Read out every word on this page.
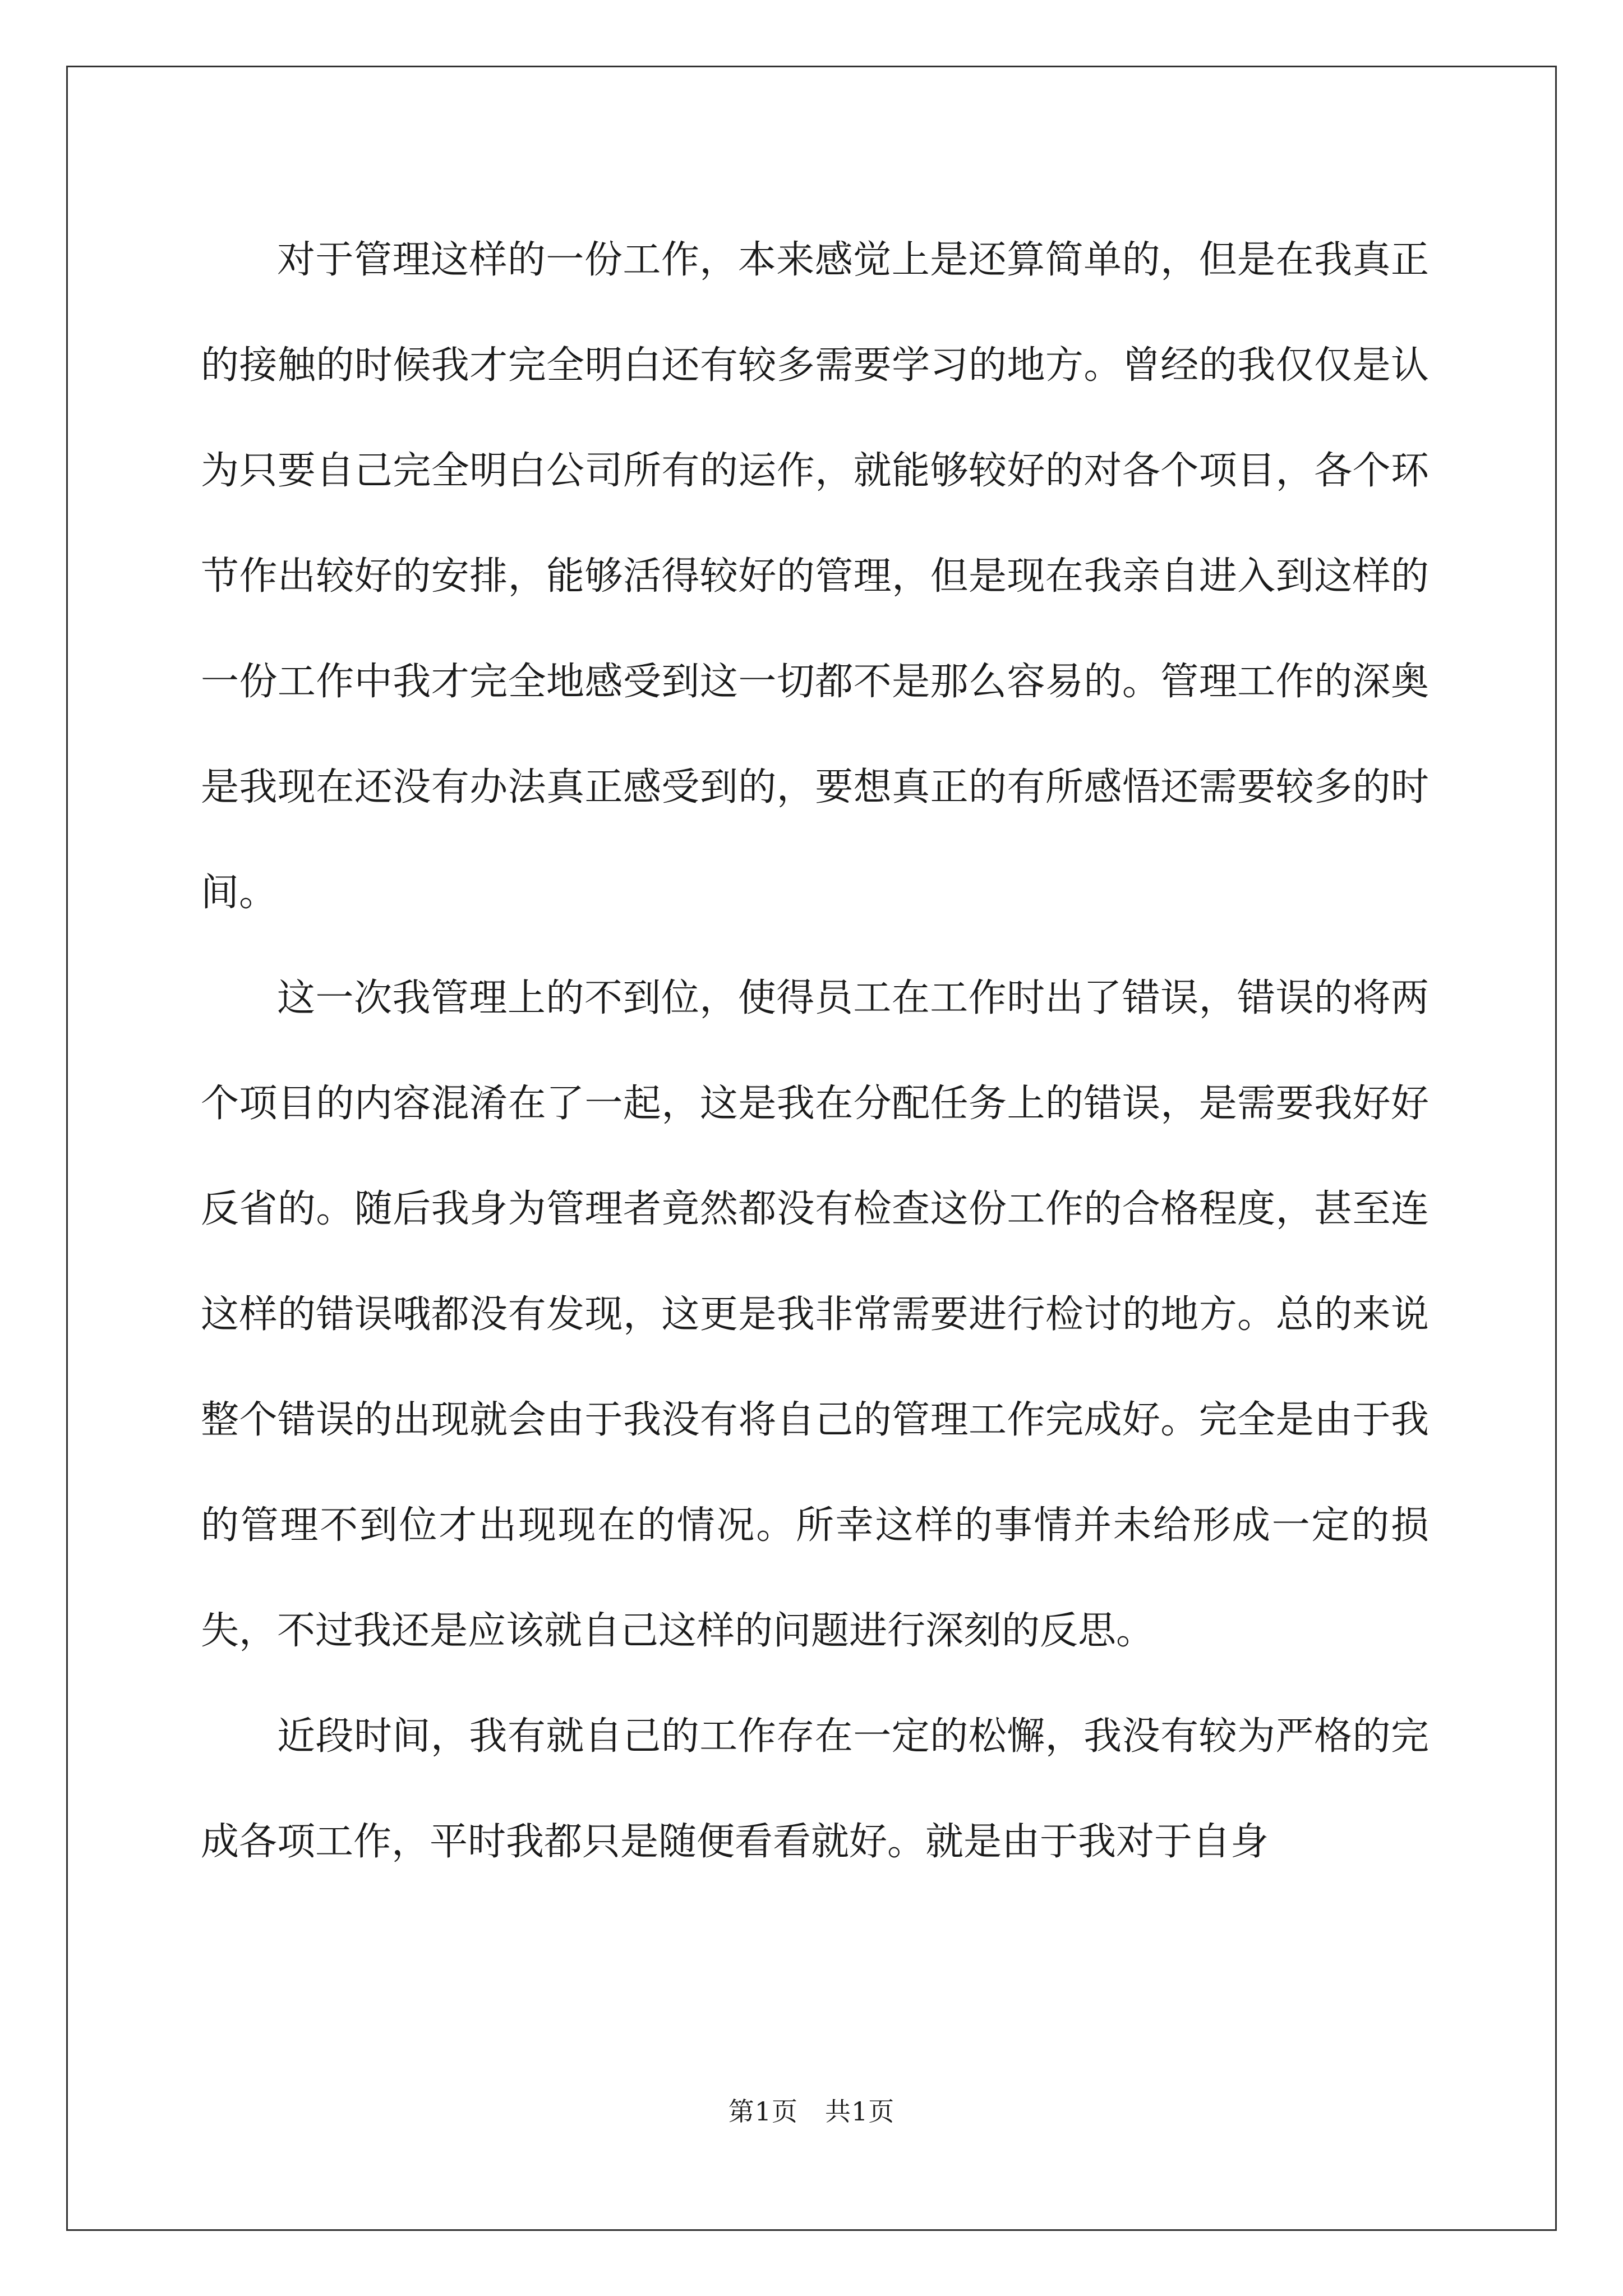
对于管理这样的一份工作，本来感觉上是还算简单的，但是在我真正的接触的时候我才完全明白还有较多需要学习的地方。曾经的我仅仅是认为只要自己完全明白公司所有的运作，就能够较好的对各个项目，各个环节作出较好的安排，能够活得较好的管理，但是现在我亲自进入到这样的一份工作中我才完全地感受到这一切都不是那么容易的。管理工作的深奥是我现在还没有办法真正感受到的，要想真正的有所感悟还需要较多的时间。

这一次我管理上的不到位，使得员工在工作时出了错误，错误的将两个项目的内容混淆在了一起，这是我在分配任务上的错误，是需要我好好反省的。随后我身为管理者竟然都没有检查这份工作的合格程度，甚至连这样的错误哦都没有发现，这更是我非常需要进行检讨的地方。总的来说整个错误的出现就会由于我没有将自己的管理工作完成好。完全是由于我的管理不到位才出现现在的情况。所幸这样的事情并未给形成一定的损失，不过我还是应该就自己这样的问题进行深刻的反思。

近段时间，我有就自己的工作存在一定的松懈，我没有较为严格的完成各项工作，平时我都只是随便看看就好。就是由于我对于自身

第1页 共1页
